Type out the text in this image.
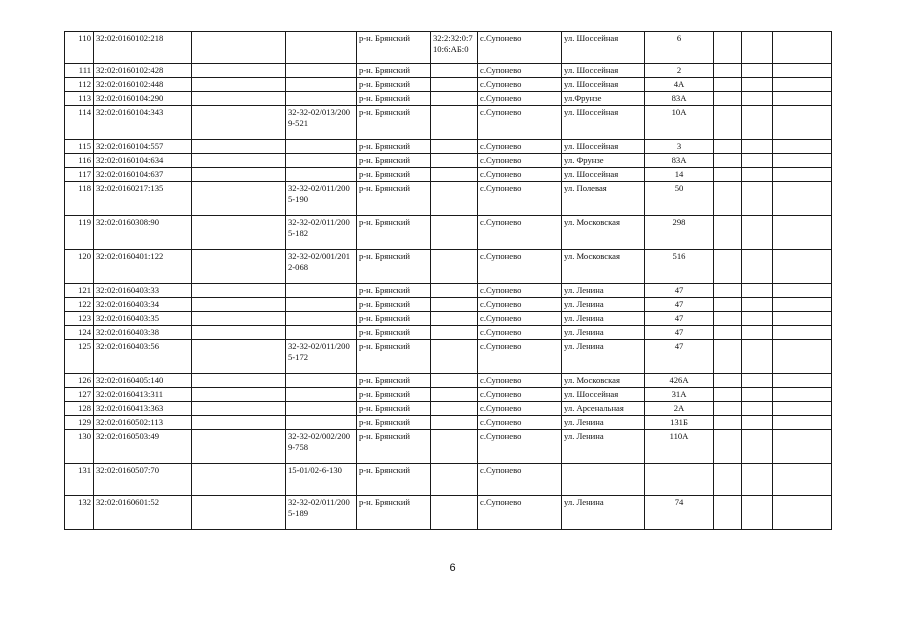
110	32:02:0160102:218			р-н. Брянский	32:2:32:0:7 10:6:АБ:0	с.Супонево	ул. Шоссейная	6			
111	32:02:0160102:428			р-н. Брянский		с.Супонево	ул. Шоссейная	2			
112	32:02:0160102:448			р-н. Брянский		с.Супонево	ул. Шоссейная	4А			
113	32:02:0160104:290			р-н. Брянский		с.Супонево	ул.Фрунзе	83А			
114	32:02:0160104:343		32-32-02/013/2009-521	р-н. Брянский		с.Супонево	ул. Шоссейная	10А			
115	32:02:0160104:557			р-н. Брянский		с.Супонево	ул. Шоссейная	3			
116	32:02:0160104:634			р-н. Брянский		с.Супонево	ул. Фрунзе	83А			
117	32:02:0160104:637			р-н. Брянский		с.Супонево	ул. Шоссейная	14			
118	32:02:0160217:135		32-32-02/011/2005-190	р-н. Брянский		с.Супонево	ул. Полевая	50			
119	32:02:0160308:90		32-32-02/011/2005-182	р-н. Брянский		с.Супонево	ул. Московская	298			
120	32:02:0160401:122		32-32-02/001/2012-068	р-н. Брянский		с.Супонево	ул. Московская	516			
121	32:02:0160403:33			р-н. Брянский		с.Супонево	ул. Ленина	47			
122	32:02:0160403:34			р-н. Брянский		с.Супонево	ул. Ленина	47			
123	32:02:0160403:35			р-н. Брянский		с.Супонево	ул. Ленина	47			
124	32:02:0160403:38			р-н. Брянский		с.Супонево	ул. Ленина	47			
125	32:02:0160403:56		32-32-02/011/2005-172	р-н. Брянский		с.Супонево	ул. Ленина	47			
126	32:02:0160405:140			р-н. Брянский		с.Супонево	ул. Московская	426А			
127	32:02:0160413:311			р-н. Брянский		с.Супонево	ул. Шоссейная	31А			
128	32:02:0160413:363			р-н. Брянский		с.Супонево	ул. Арсенальная	2А			
129	32:02:0160502:113			р-н. Брянский		с.Супонево	ул. Ленина	131Б			
130	32:02:0160503:49		32-32-02/002/2009-758	р-н. Брянский		с.Супонево	ул. Ленина	110А			
131	32:02:0160507:70		15-01/02-6-130	р-н. Брянский		с.Супонево					
132	32:02:0160601:52		32-32-02/011/2005-189	р-н. Брянский		с.Супонево	ул. Ленина	74			
6
